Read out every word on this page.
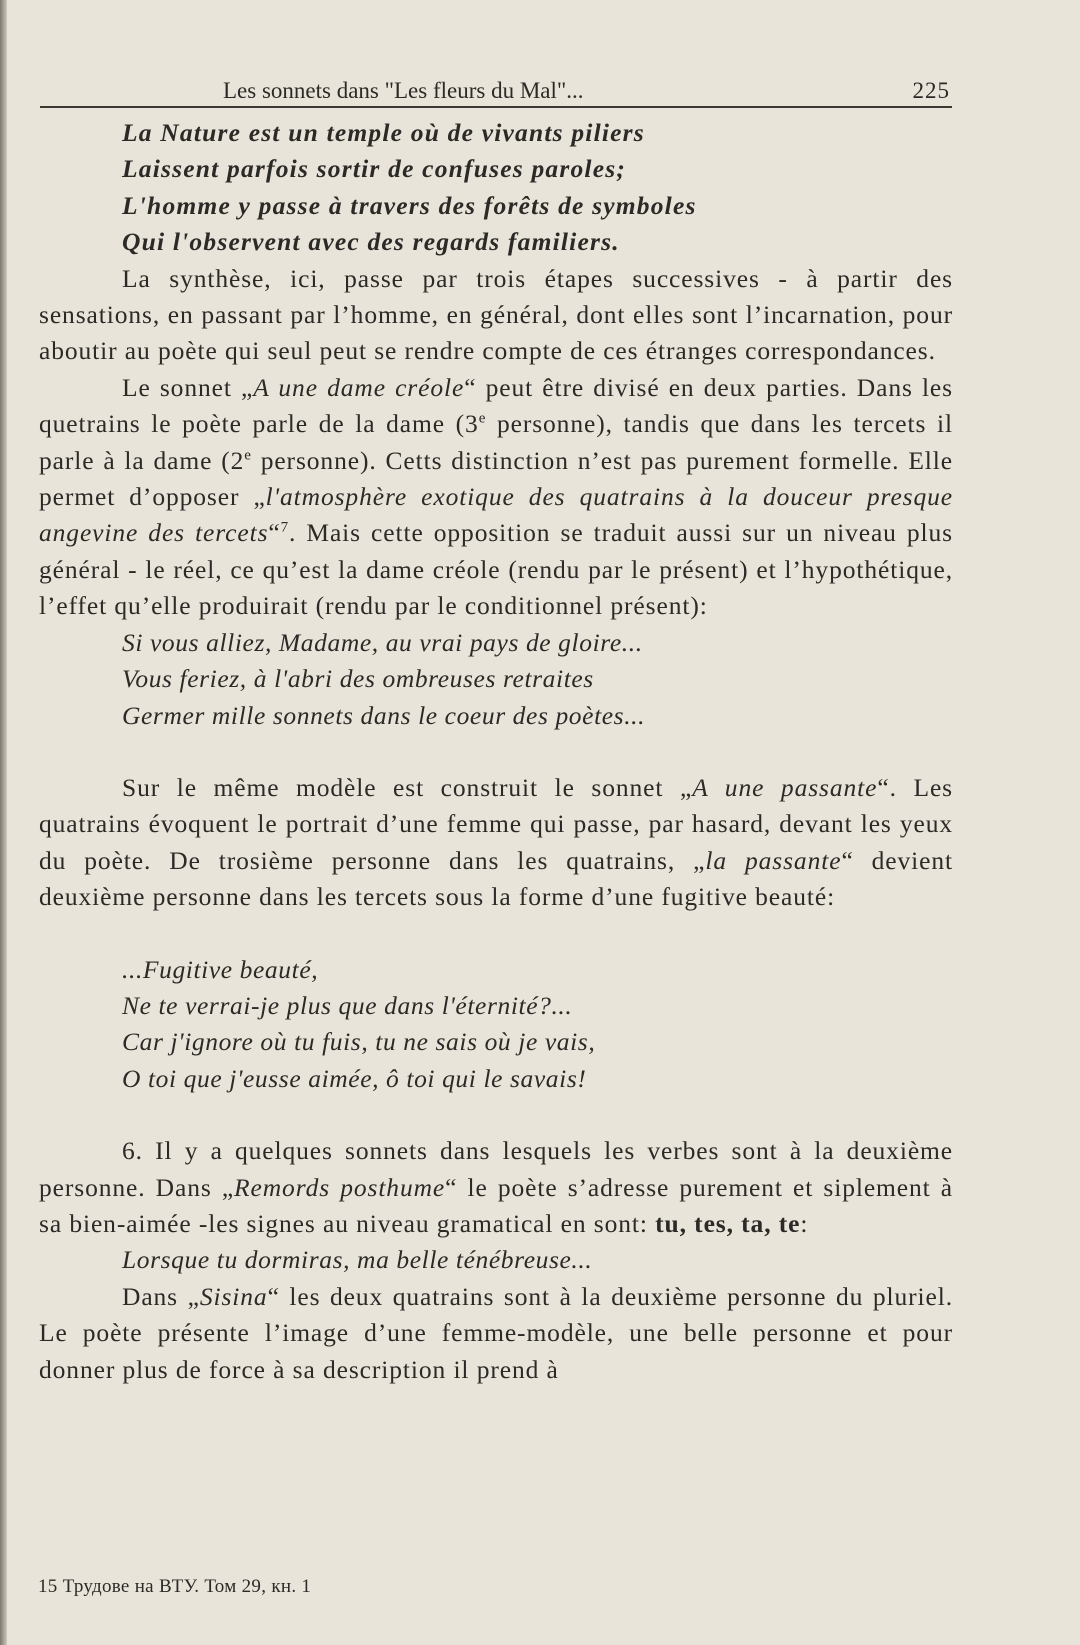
Les sonnets dans "Les fleurs du Mal"...	225
La Nature est un temple où de vivants piliers
Laissent parfois sortir de confuses paroles;
L'homme y passe à travers des forêts de symboles
Qui l'observent avec des regards familiers.

La synthèse, ici, passe par trois étapes successives - à partir des sensations, en passant par l’homme, en général, dont elles sont l’incarnation, pour aboutir au poète qui seul peut se rendre compte de ces étranges correspondances.

Le sonnet „A une dame créole“ peut être divisé en deux parties. Dans les quetrains le poète parle de la dame (3e personne), tandis que dans les tercets il parle à la dame (2e personne). Cetts distinction n’est pas purement formelle. Elle permet d’opposer „l'atmosphère exotique des quatrains à la douceur presque angevine des tercets“$^7$. Mais cette opposition se traduit aussi sur un niveau plus général - le réel, ce qu’est la dame créole (rendu par le présent) et l’hypothétique, l’effet qu’elle produirait (rendu par le conditionnel présent):

Si vous alliez, Madame, au vrai pays de gloire...
Vous feriez, à l'abri des ombreuses retraites
Germer mille sonnets dans le coeur des poètes...

Sur le même modèle est construit le sonnet „A une passante“. Les quatrains évoquent le portrait d’une femme qui passe, par hasard, devant les yeux du poète. De trosième personne dans les quatrains, „la passante“ devient deuxième personne dans les tercets sous la forme d’une fugitive beauté:

...Fugitive beauté,
Ne te verrai-je plus que dans l'éternité?...
Car j'ignore où tu fuis, tu ne sais où je vais,
O toi que j'eusse aimée, ô toi qui le savais!

6. Il y a quelques sonnets dans lesquels les verbes sont à la deuxième personne. Dans „Remords posthume“ le poète s’adresse purement et siplement à sa bien-aimée -les signes au niveau gramatical en sont: tu, tes, ta, te:

Lorsque tu dormiras, ma belle ténébreuse...

Dans „Sisina“ les deux quatrains sont à la deuxième personne du pluriel. Le poète présente l’image d’une femme-modèle, une belle personne et pour donner plus de force à sa description il prend à

15 Трудове на ВТУ. Том 29, кн. 1
